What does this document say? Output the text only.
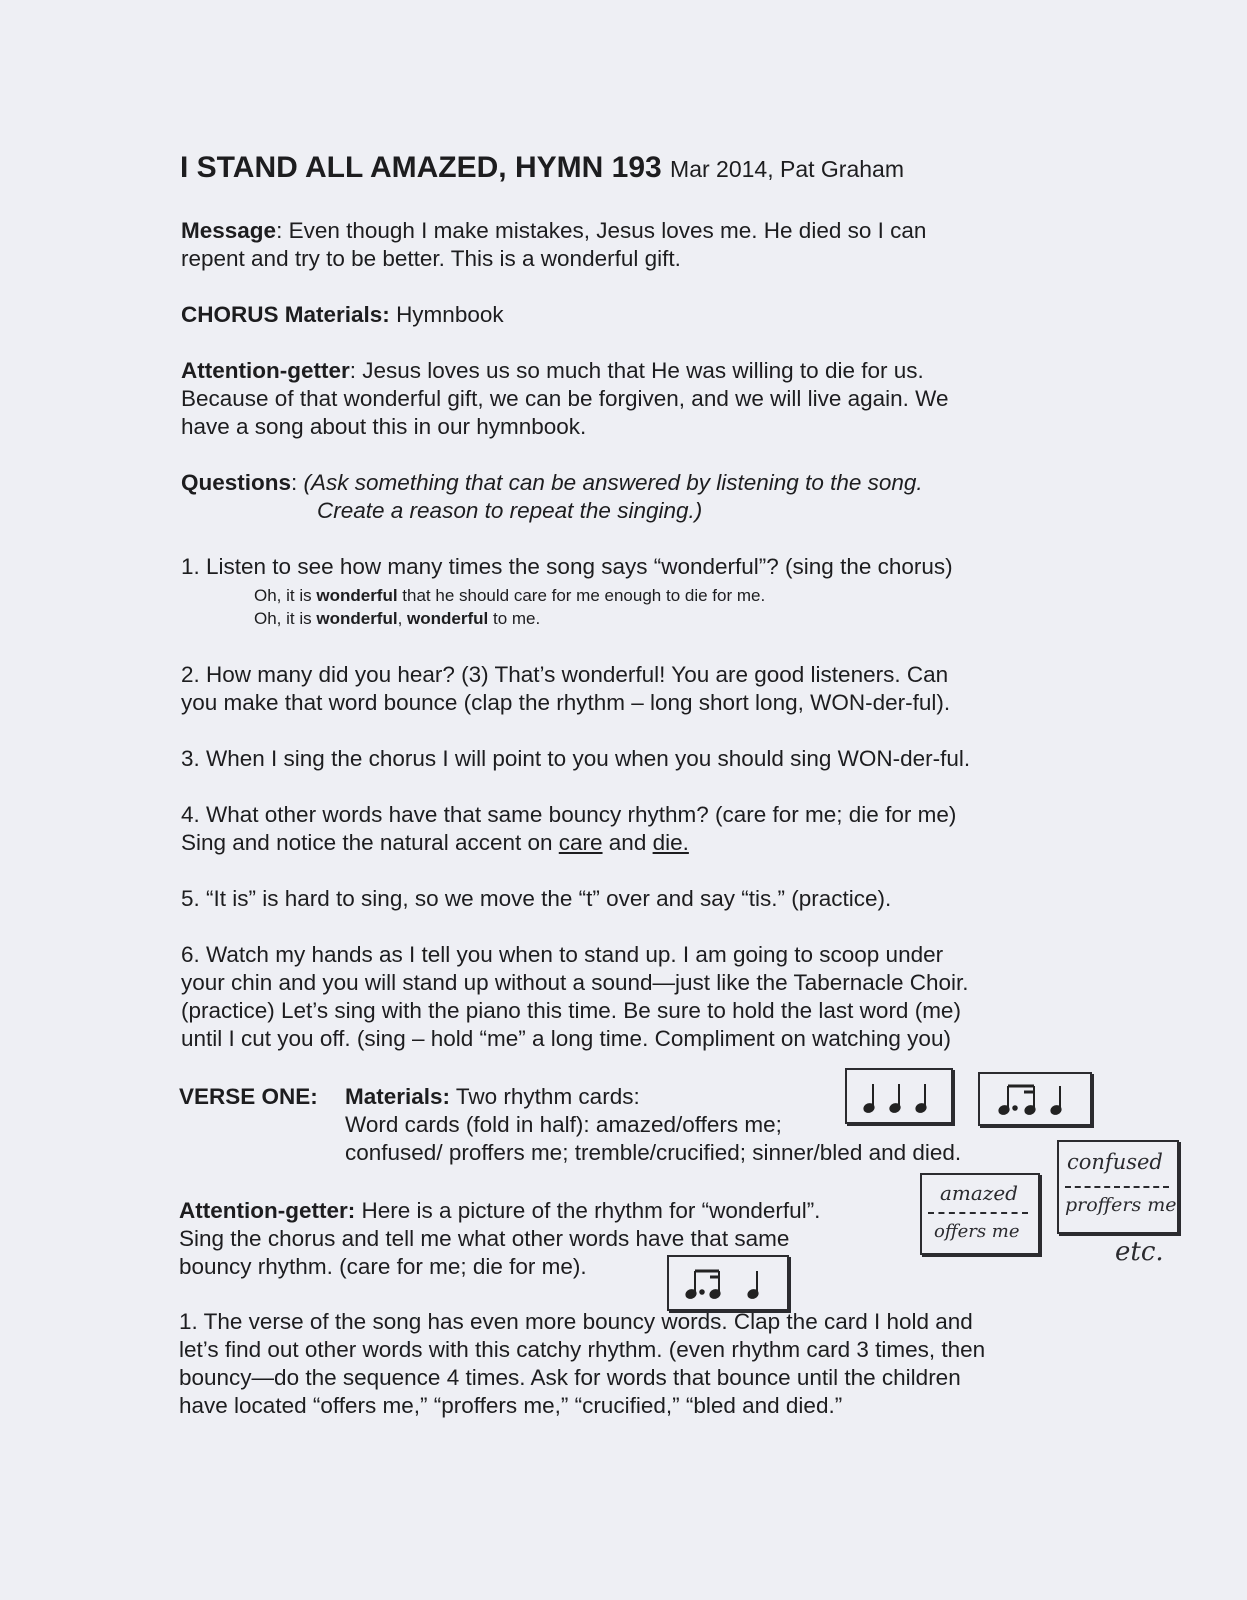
I STAND ALL AMAZED, HYMN 193 Mar 2014, Pat Graham

Message: Even though I make mistakes, Jesus loves me. He died so I can

repent and try to be better. This is a wonderful gift.

CHORUS Materials: Hymnbook

Attention-getter: Jesus loves us so much that He was willing to die for us.

Because of that wonderful gift, we can be forgiven, and we will live again. We

have a song about this in our hymnbook.

Questions: (Ask something that can be answered by listening to the song.

Create a reason to repeat the singing.)

1. Listen to see how many times the song says “wonderful”? (sing the chorus)

Oh, it is wonderful that he should care for me enough to die for me.

Oh, it is wonderful, wonderful to me.

2. How many did you hear? (3) That’s wonderful! You are good listeners. Can

you make that word bounce (clap the rhythm – long short long, WON-der-ful).

3. When I sing the chorus I will point to you when you should sing WON-der-ful.

4. What other words have that same bouncy rhythm? (care for me; die for me)

Sing and notice the natural accent on care and die.

5. “It is” is hard to sing, so we move the “t” over and say “tis.” (practice).

6. Watch my hands as I tell you when to stand up. I am going to scoop under

your chin and you will stand up without a sound—just like the Tabernacle Choir.

(practice) Let’s sing with the piano this time. Be sure to hold the last word (me)

until I cut you off. (sing – hold “me” a long time. Compliment on watching you)

VERSE ONE: Materials: Two rhythm cards:

Word cards (fold in half): amazed/offers me;

confused/ proffers me; tremble/crucified; sinner/bled and died.

Attention-getter: Here is a picture of the rhythm for “wonderful”.

Sing the chorus and tell me what other words have that same

bouncy rhythm. (care for me; die for me).

1. The verse of the song has even more bouncy words. Clap the card I hold and

let’s find out other words with this catchy rhythm. (even rhythm card 3 times, then

bouncy—do the sequence 4 times. Ask for words that bounce until the children

have located “offers me,” “proffers me,” “crucified,” “bled and died.”

amazed
offers me
confused
proffers me
etc.
